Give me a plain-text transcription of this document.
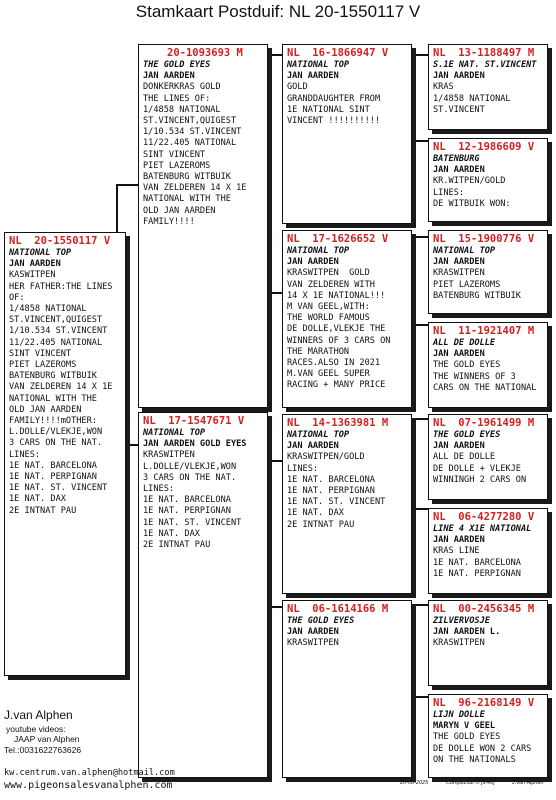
Stamkaart Postduif: NL 20-1550117 V
NL  20-1550117 V
NATIONAL TOP
JAN AARDEN
KASWITPEN
HER FATHER:THE LINES
OF:
1/4858 NATIONAL
ST.VINCENT,QUIGEST
1/10.534 ST.VINCENT
11/22.405 NATIONAL
SINT VINCENT
PIET LAZEROMS
BATENBURG WITBUIK
VAN ZELDEREN 14 X 1E
NATIONAL WITH THE
OLD JAN AARDEN
FAMILY!!!!mOTHER:
L.DOLLE/VLEKJE,WON
3 CARS ON THE NAT.
LINES:
1E NAT. BARCELONA
1E NAT. PERPIGNAN
1E NAT. ST. VINCENT
1E NAT. DAX
2E INTNAT PAU
20-1093693 M
THE GOLD EYES
JAN AARDEN
DONKERKRAS GOLD
THE LINES OF:
1/4858 NATIONAL
ST.VINCENT,QUIGEST
1/10.534 ST.VINCENT
11/22.405 NATIONAL
SINT VINCENT
PIET LAZEROMS
BATENBURG WITBUIK
VAN ZELDEREN 14 X 1E
NATIONAL WITH THE
OLD JAN AARDEN
FAMILY!!!!
NL  17-1547671 V
NATIONAL TOP
JAN AARDEN GOLD EYES
KRASWITPEN
L.DOLLE/VLEKJE,WON
3 CARS ON THE NAT.
LINES:
1E NAT. BARCELONA
1E NAT. PERPIGNAN
1E NAT. ST. VINCENT
1E NAT. DAX
2E INTNAT PAU
NL  16-1866947 V
NATIONAL TOP
JAN AARDEN
GOLD
GRANDDAUGHTER FROM
1E NATIONAL SINT
VINCENT !!!!!!!!!!
NL  17-1626652 V
NATIONAL TOP
JAN AARDEN
KRASWITPEN  GOLD
VAN ZELDEREN WITH
14 X 1E NATIONAL!!!
M VAN GEEL,WITH:
THE WORLD FAMOUS
DE DOLLE,VLEKJE THE
WINNERS OF 3 CARS ON
THE MARATHON
RACES.ALSO IN 2021
M.VAN GEEL SUPER
RACING + MANY PRICE
NL  14-1363981 M
NATIONAL TOP
JAN AARDEN
KRASWITPEN/GOLD
LINES:
1E NAT. BARCELONA
1E NAT. PERPIGNAN
1E NAT. ST. VINCENT
1E NAT. DAX
2E INTNAT PAU
NL  06-1614166 M
THE GOLD EYES
JAN AARDEN
KRASWITPEN
NL  13-1188497 M
S.1E NAT. ST.VINCENT
JAN AARDEN
KRAS
1/4858 NATIONAL
ST.VINCENT
NL  12-1986609 V
BATENBURG
JAN AARDEN
KR.WITPEN/GOLD
LINES:
DE WITBUIK WON:
NL  15-1900776 V
NATIONAL TOP
JAN AARDEN
KRASWITPEN
PIET LAZEROMS
BATENBURG WITBUIK
NL  11-1921407 M
ALL DE DOLLE
JAN AARDEN
THE GOLD EYES
THE WINNERS OF 3
CARS ON THE NATIONAL
NL  07-1961499 M
THE GOLD EYES
JAN AARDEN
ALL DE DOLLE
DE DOLLE + VLEKJE
WINNINGH 2 CARS ON
NL  06-4277280 V
LINE 4 X1E NATIONAL
JAN AARDEN
KRAS LINE
1E NAT. BARCELONA
1E NAT. PERPIGNAN
NL  00-2456345 M
ZILVERVOSJE
JAN AARDEN L.
KRASWITPEN
NL  96-2168149 V
LIJN DOLLE
MARYN V GEEL
THE GOLD EYES
DE DOLLE WON 2 CARS
ON THE NATIONALS
J.van Alphen
youtube videos:
JAAP van Alphen
Tel.:0031622763626
kw.centrum.van.alphen@hotmail.com
www.pigeonsalesvanalphen.com	20-08-2025	Compuclub ® [9.48]	J.van Alphen
